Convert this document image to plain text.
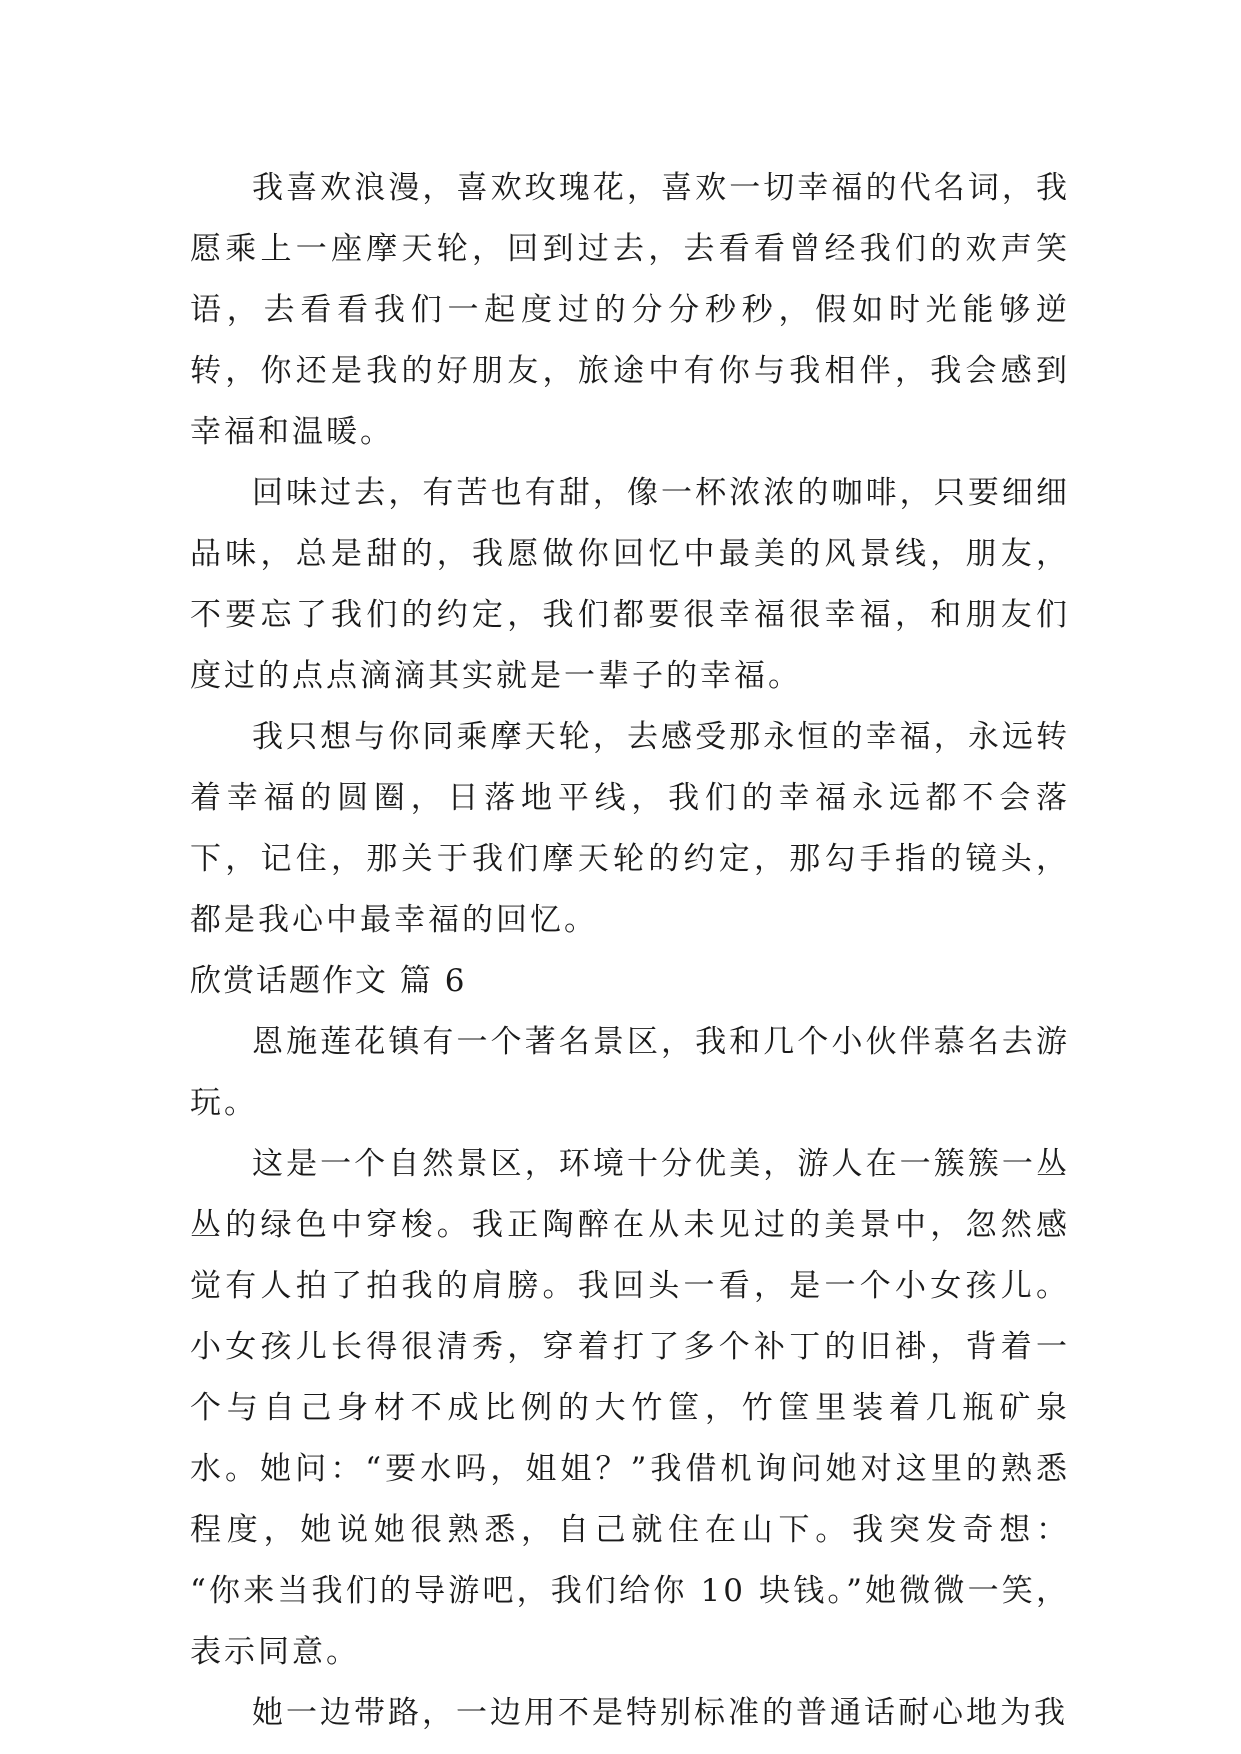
我喜欢浪漫，喜欢玫瑰花，喜欢一切幸福的代名词，我愿乘上一座摩天轮，回到过去，去看看曾经我们的欢声笑语，去看看我们一起度过的分分秒秒，假如时光能够逆转，你还是我的好朋友，旅途中有你与我相伴，我会感到幸福和温暖。

回味过去，有苦也有甜，像一杯浓浓的咖啡，只要细细品味，总是甜的，我愿做你回忆中最美的风景线，朋友，不要忘了我们的约定，我们都要很幸福很幸福，和朋友们度过的点点滴滴其实就是一辈子的幸福。

我只想与你同乘摩天轮，去感受那永恒的幸福，永远转着幸福的圆圈，日落地平线，我们的幸福永远都不会落下，记住，那关于我们摩天轮的约定，那勾手指的镜头，都是我心中最幸福的回忆。

欣赏话题作文 篇 6

恩施莲花镇有一个著名景区，我和几个小伙伴慕名去游玩。

这是一个自然景区，环境十分优美，游人在一簇簇一丛丛的绿色中穿梭。我正陶醉在从未见过的美景中，忽然感觉有人拍了拍我的肩膀。我回头一看，是一个小女孩儿。小女孩儿长得很清秀，穿着打了多个补丁的旧褂，背着一个与自己身材不成比例的大竹筐，竹筐里装着几瓶矿泉水。她问：“要水吗，姐姐？”我借机询问她对这里的熟悉程度，她说她很熟悉，自己就住在山下。我突发奇想： “你来当我们的导游吧，我们给你 10 块钱。”她微微一笑，表示同意。

她一边带路，一边用不是特别标准的普通话耐心地为我
